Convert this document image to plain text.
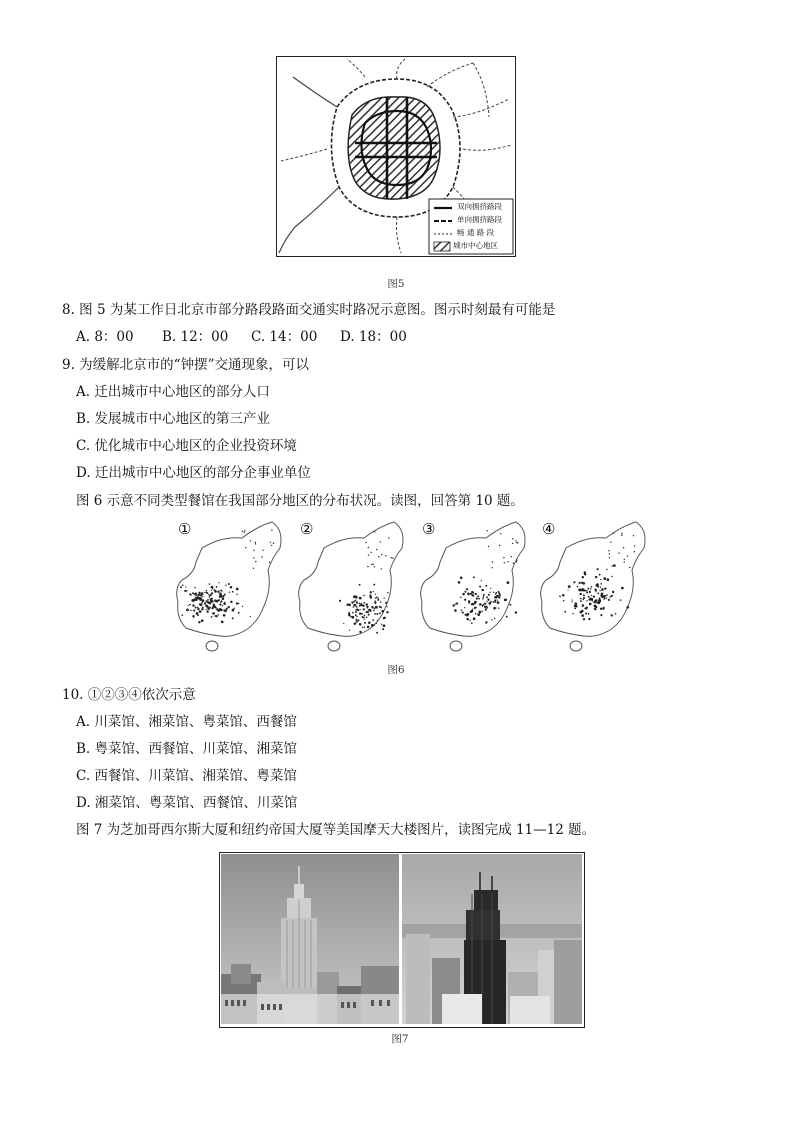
双向拥挤路段
单向拥挤路段
畅 通 路 段
城市中心地区
图5
8. 图 5 为某工作日北京市部分路段路面交通实时路况示意图。图示时刻最有可能是
A. 8：00 B. 12：00 C. 14：00 D. 18：00
9. 为缓解北京市的“钟摆”交通现象，可以
A. 迁出城市中心地区的部分人口
B. 发展城市中心地区的第三产业
C. 优化城市中心地区的企业投资环境
D. 迁出城市中心地区的部分企事业单位
图 6 示意不同类型餐馆在我国部分地区的分布状况。读图，回答第 10 题。
①	②	③	④
图6
10. ①②③④依次示意
A. 川菜馆、湘菜馆、粤菜馆、西餐馆
B. 粤菜馆、西餐馆、川菜馆、湘菜馆
C. 西餐馆、川菜馆、湘菜馆、粤菜馆
D. 湘菜馆、粤菜馆、西餐馆、川菜馆
图 7 为芝加哥西尔斯大厦和纽约帝国大厦等美国摩天大楼图片，读图完成 11—12 题。
图7
